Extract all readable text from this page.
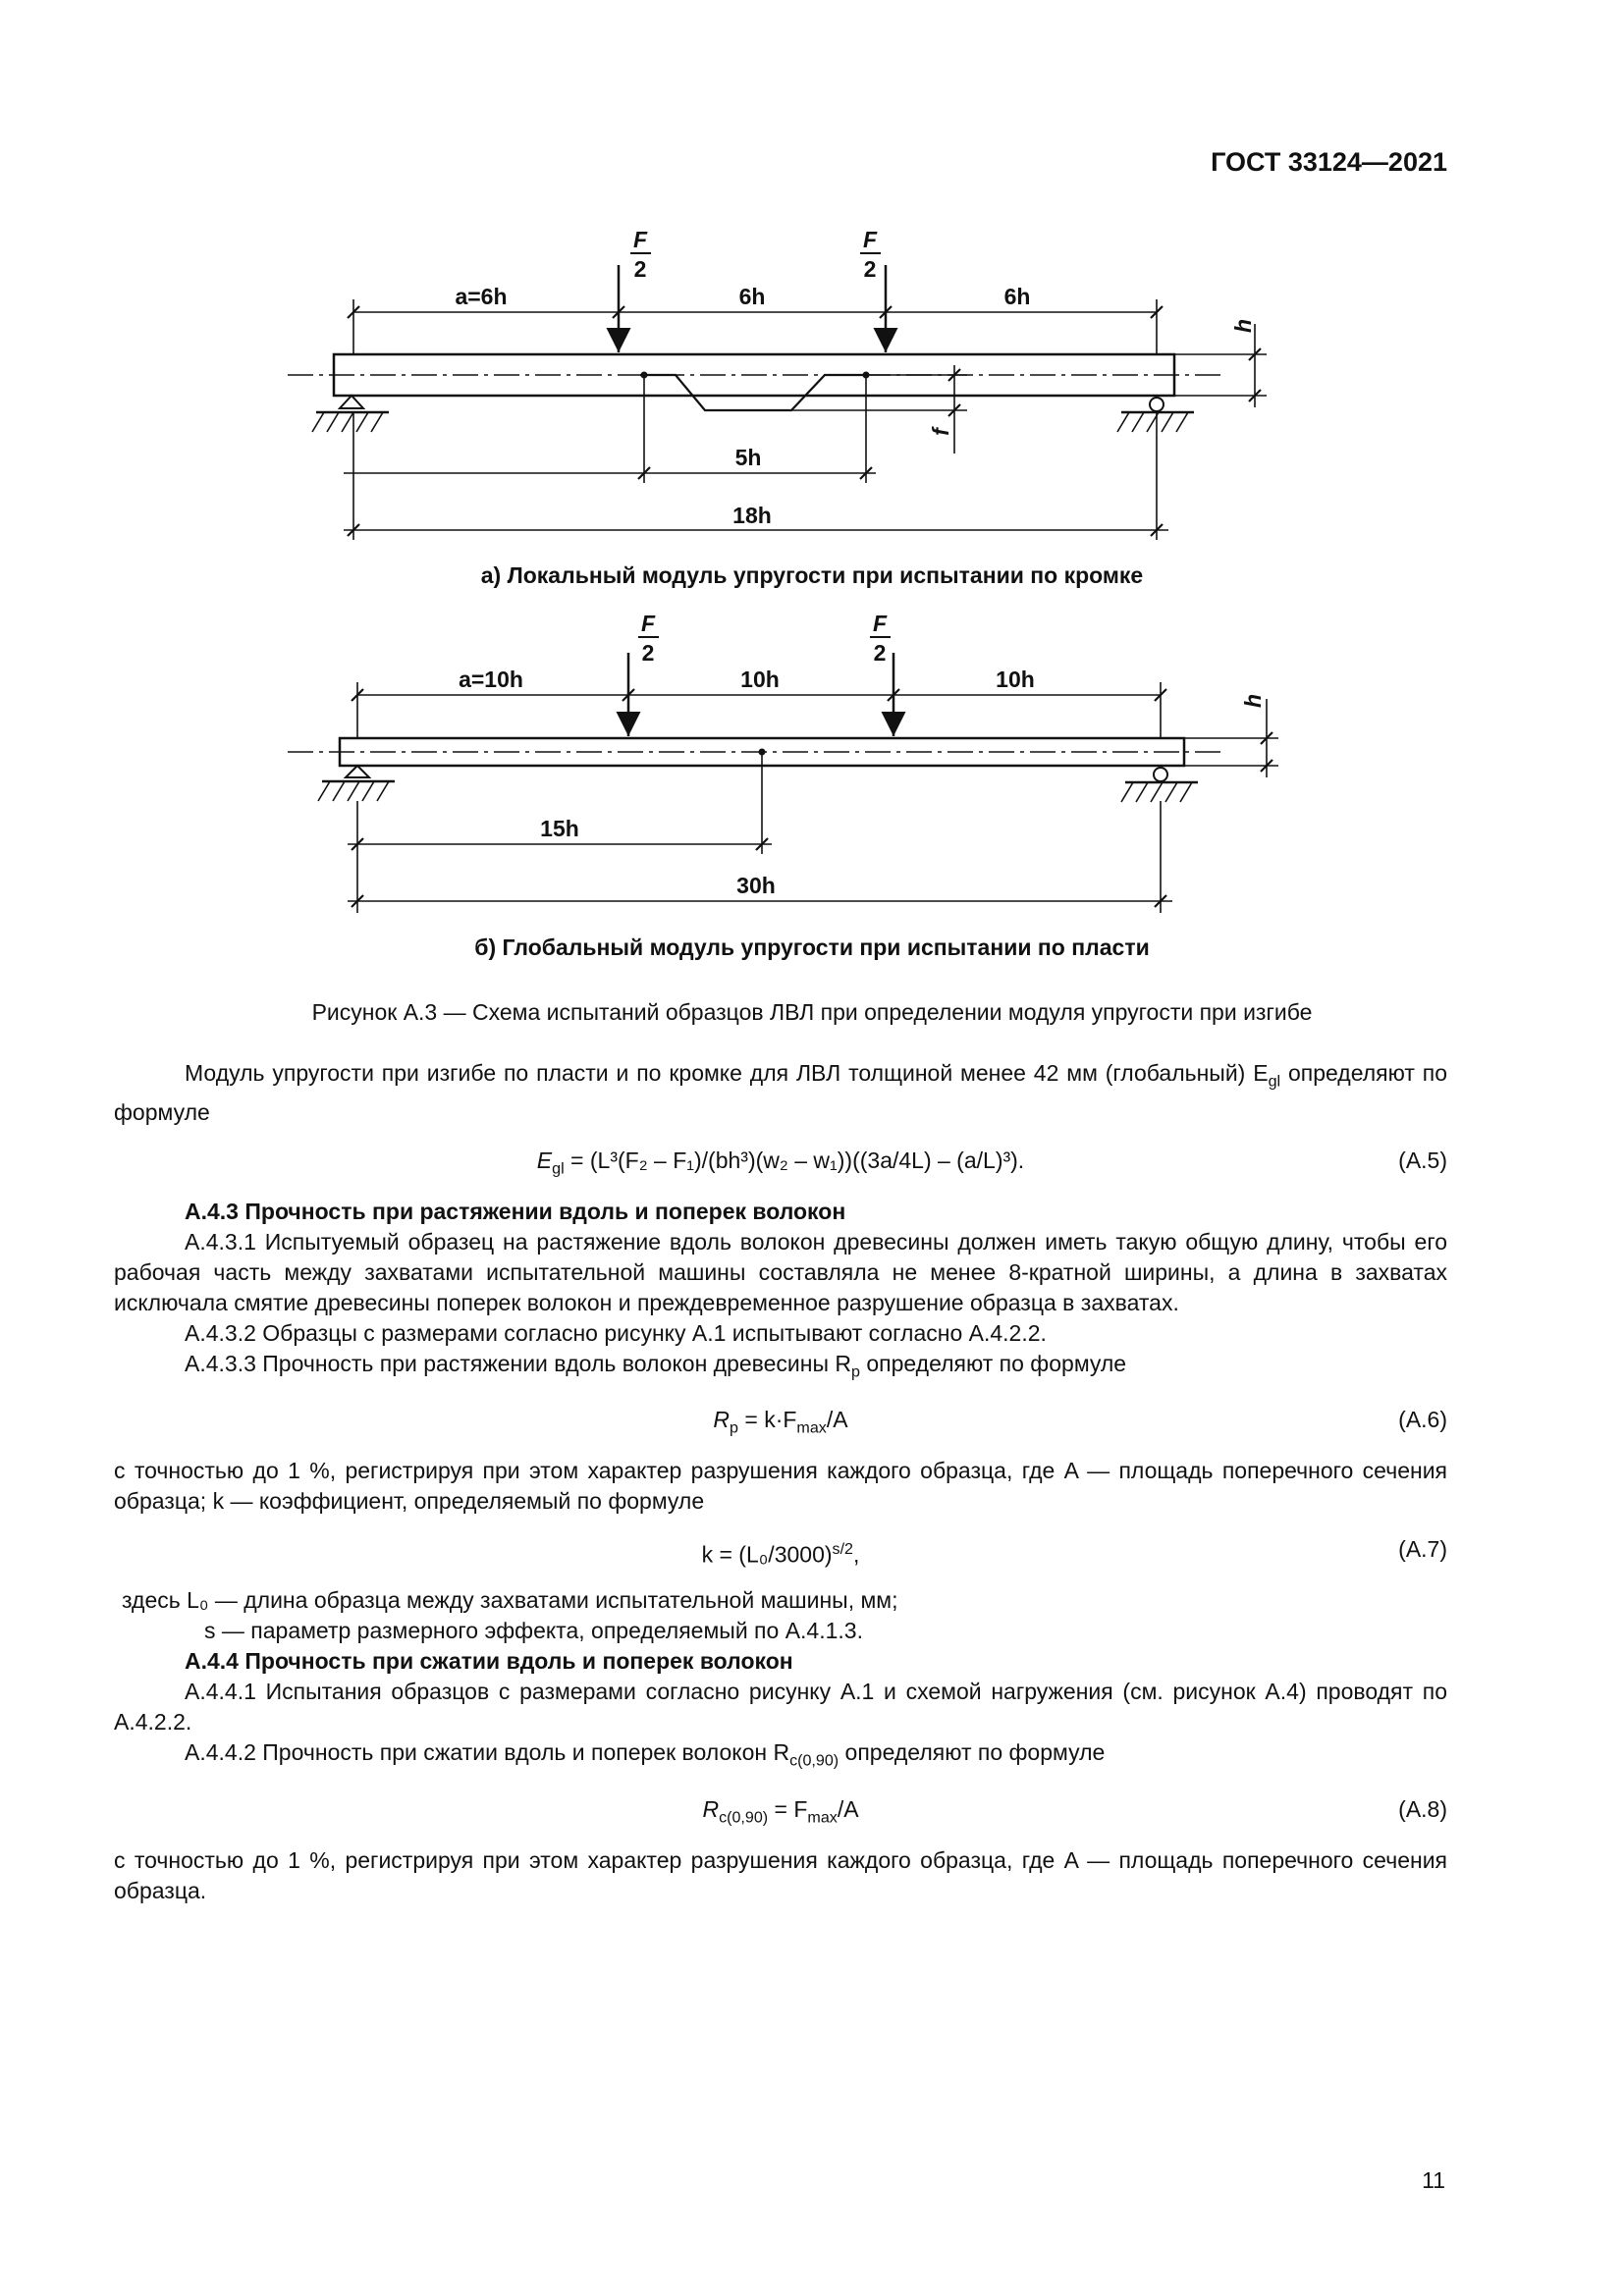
ГОСТ 33124—2021
F
2
F
2
a=6h	6h	6h
h
f
5h
18h
F
2
F
2
a=10h	10h	10h
h
15h
30h
а) Локальный модуль упругости при испытании по кромке
б) Глобальный модуль упругости при испытании по пласти
Рисунок А.3 — Схема испытаний образцов ЛВЛ при определении модуля упругости при изгибе

Модуль упругости при изгибе по пласти и по кромке для ЛВЛ толщиной менее 42 мм (глобальный) $E_{gl}$ определяют по формуле

$E_{gl} = (L^3(F_2 - F_1)/(bh^3)(w_2 - w_1))((3a/4L) - (a/L)^3)$.	(А.5)

А.4.3 Прочность при растяжении вдоль и поперек волокон

А.4.3.1 Испытуемый образец на растяжение вдоль волокон древесины должен иметь такую общую длину, чтобы его рабочая часть между захватами испытательной машины составляла не менее 8-кратной ширины, а длина в захватах исключала смятие древесины поперек волокон и преждевременное разрушение образца в захватах.

А.4.3.2 Образцы с размерами согласно рисунку А.1 испытывают согласно А.4.2.2.

А.4.3.3 Прочность при растяжении вдоль волокон древесины $R_p$ определяют по формуле

$R_p = k\cdot F_{max}/A$	(А.6)

с точностью до 1 %, регистрируя при этом характер разрушения каждого образца, где A — площадь поперечного сечения образца; k — коэффициент, определяемый по формуле

$k = (L_0/3000)^{s/2}$,	(А.7)

здесь L₀ — длина образца между захватами испытательной машины, мм;

s — параметр размерного эффекта, определяемый по А.4.1.3.

А.4.4 Прочность при сжатии вдоль и поперек волокон

А.4.4.1 Испытания образцов с размерами согласно рисунку А.1 и схемой нагружения (см. рисунок А.4) проводят по А.4.2.2.

А.4.4.2 Прочность при сжатии вдоль и поперек волокон $R_{c(0,90)}$ определяют по формуле

$R_{c(0,90)} = F_{max}/A$	(А.8)

с точностью до 1 %, регистрируя при этом характер разрушения каждого образца, где A — площадь поперечного сечения образца.

11
